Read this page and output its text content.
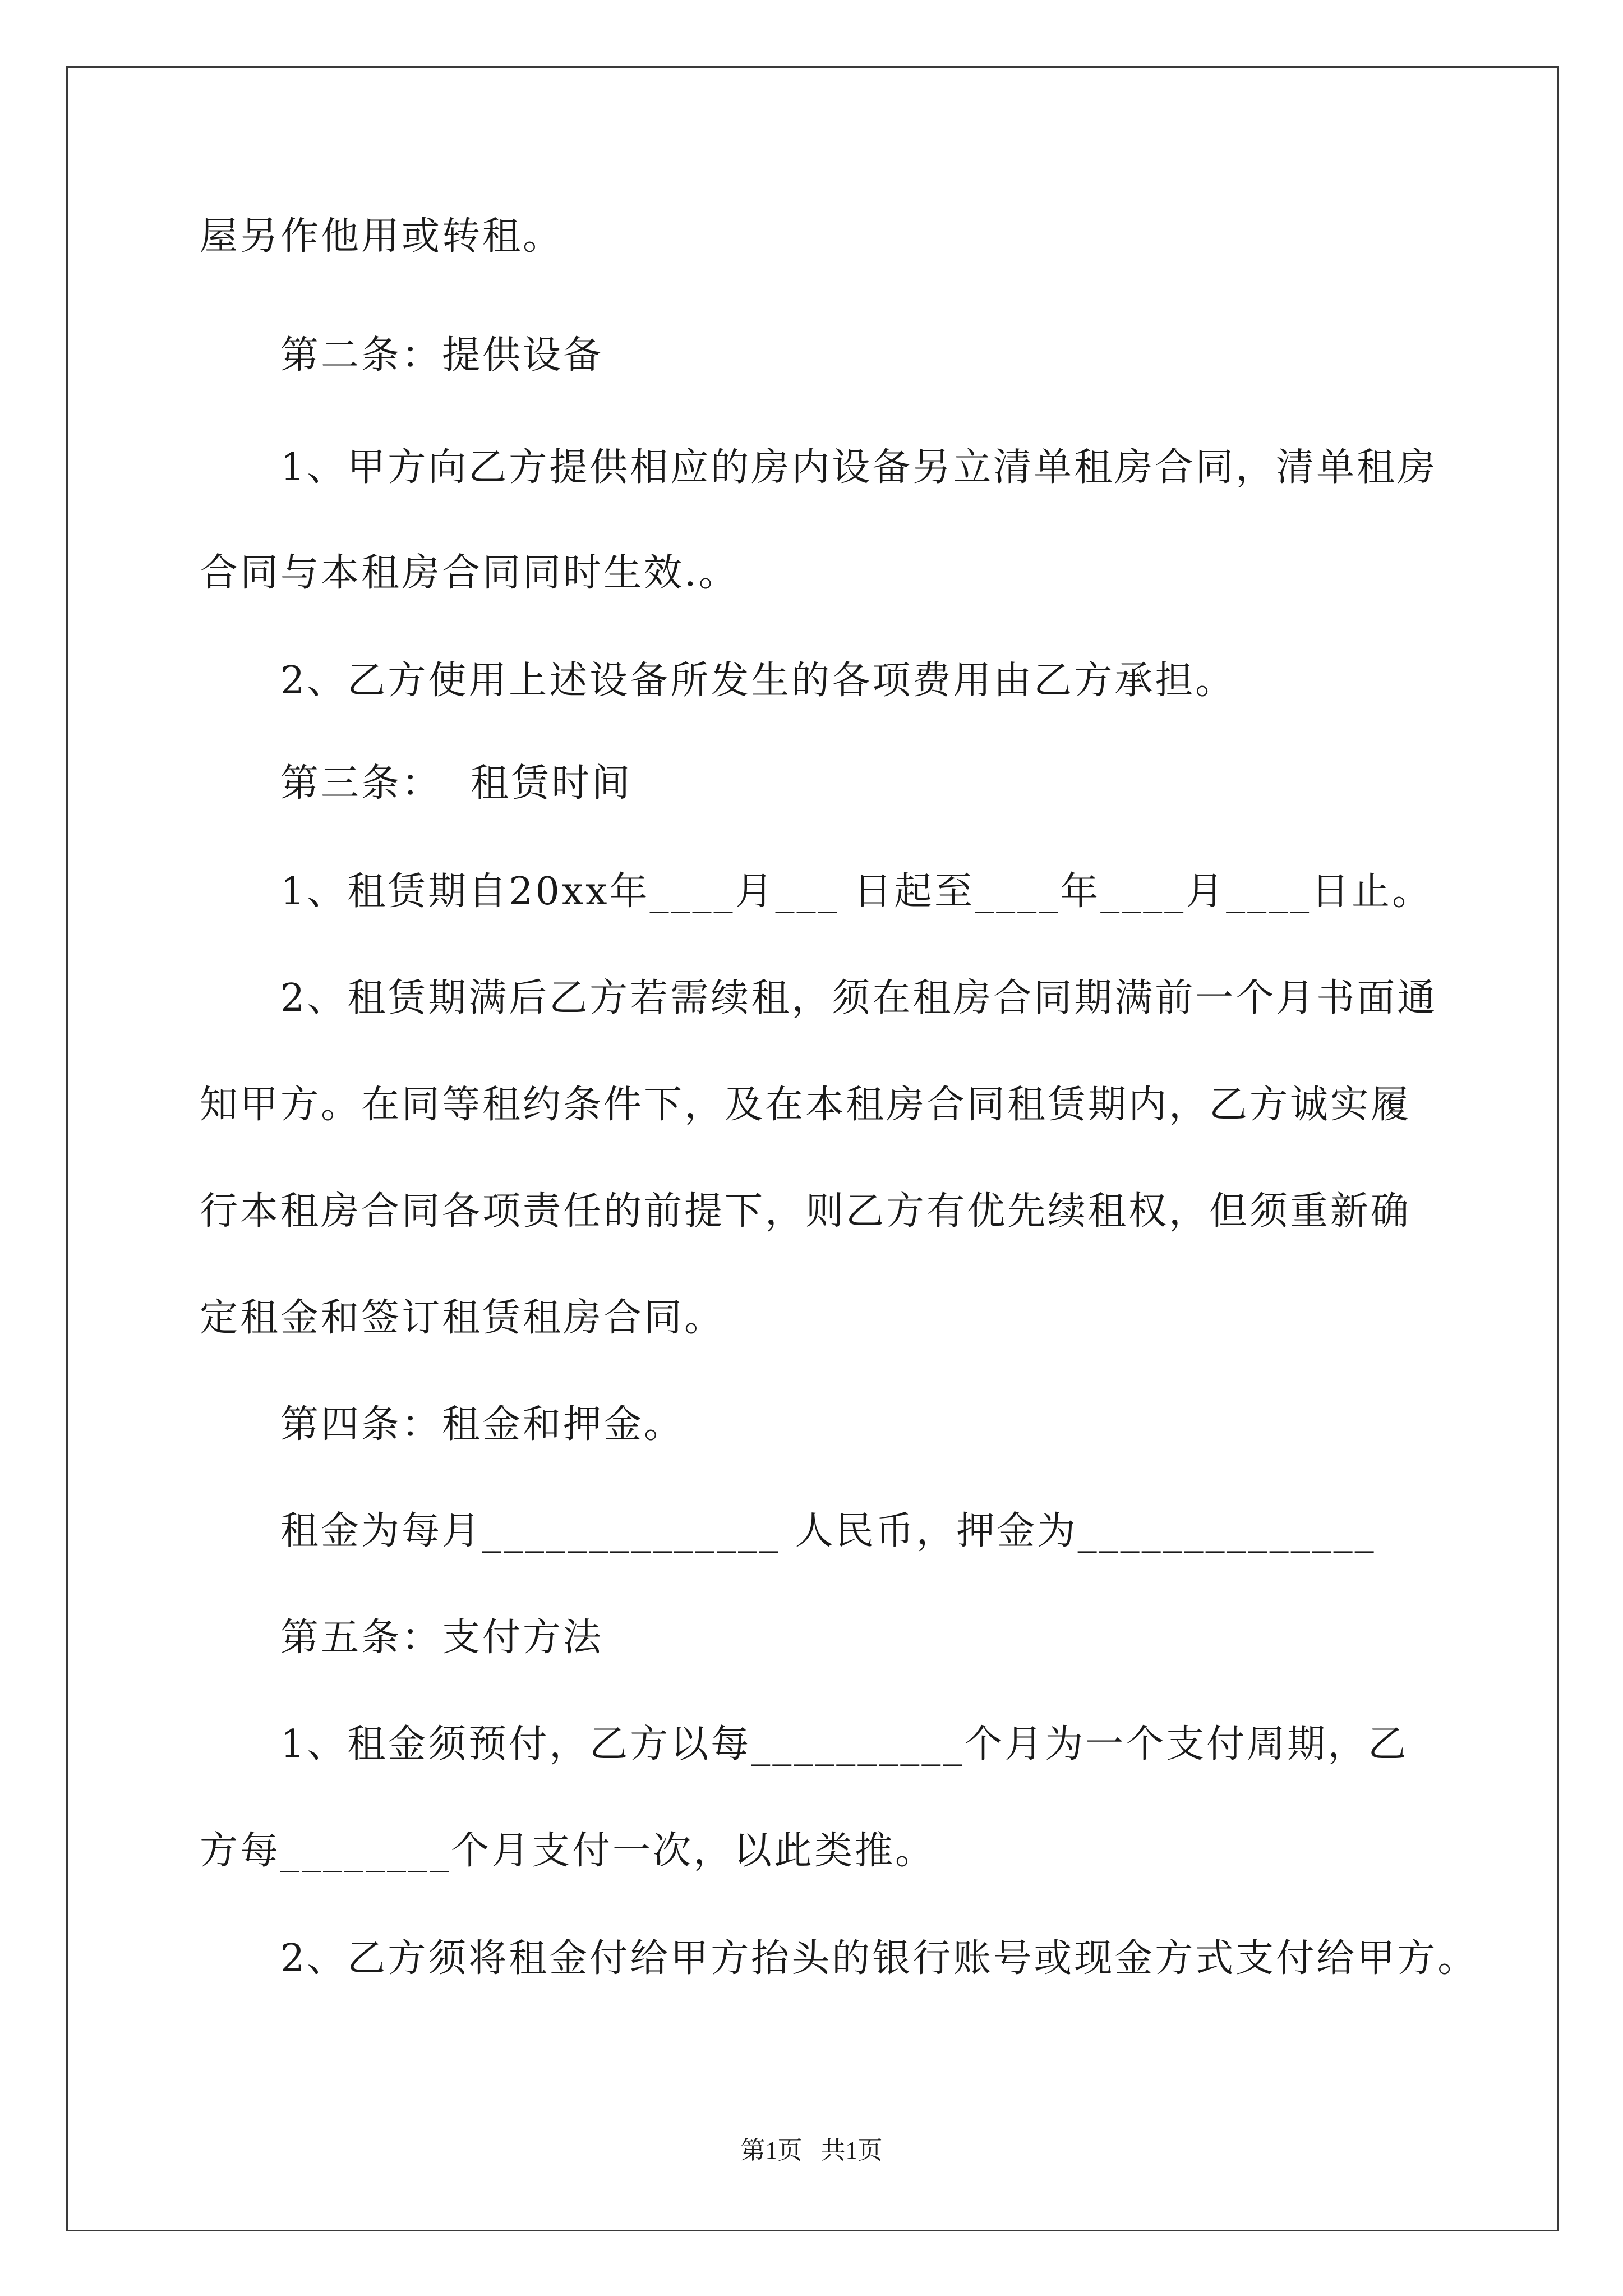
屋另作他用或转租。
第二条：提供设备
1、甲方向乙方提供相应的房内设备另立清单租房合同，清单租房
合同与本租房合同同时生效.。
2、乙方使用上述设备所发生的各项费用由乙方承担。
第三条：  租赁时间
1、租赁期自20xx年____月___ 日起至____年____月____日止。
2、租赁期满后乙方若需续租，须在租房合同期满前一个月书面通
知甲方。在同等租约条件下，及在本租房合同租赁期内，乙方诚实履
行本租房合同各项责任的前提下，则乙方有优先续租权，但须重新确
定租金和签订租赁租房合同。
第四条：租金和押金。
租金为每月______________ 人民币，押金为______________
第五条：支付方法
1、租金须预付，乙方以每__________个月为一个支付周期，乙
方每________个月支付一次，以此类推。
2、乙方须将租金付给甲方抬头的银行账号或现金方式支付给甲方。
第1页   共1页
